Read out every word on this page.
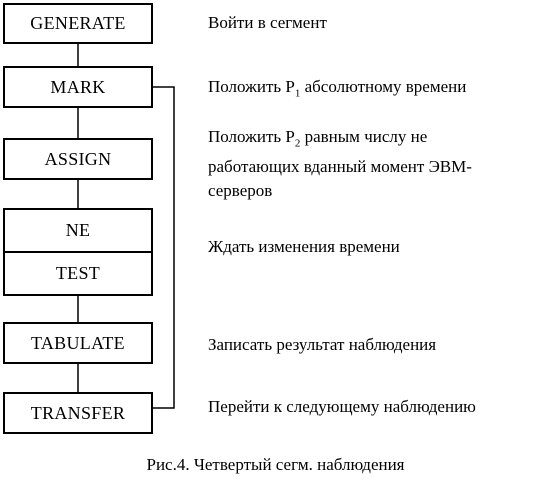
GENERATE
MARK
ASSIGN
NE
TEST
TABULATE
TRANSFER
Войти в сегмент
Положить $Р_1$ абсолютному времени
Положить $Р_2$ равным числу не
работающих вданный момент ЭВМ-
серверов
Ждать изменения времени
Записать результат наблюдения
Перейти к следующему наблюдению
Рис.4. Четвертый сегм. наблюдения
